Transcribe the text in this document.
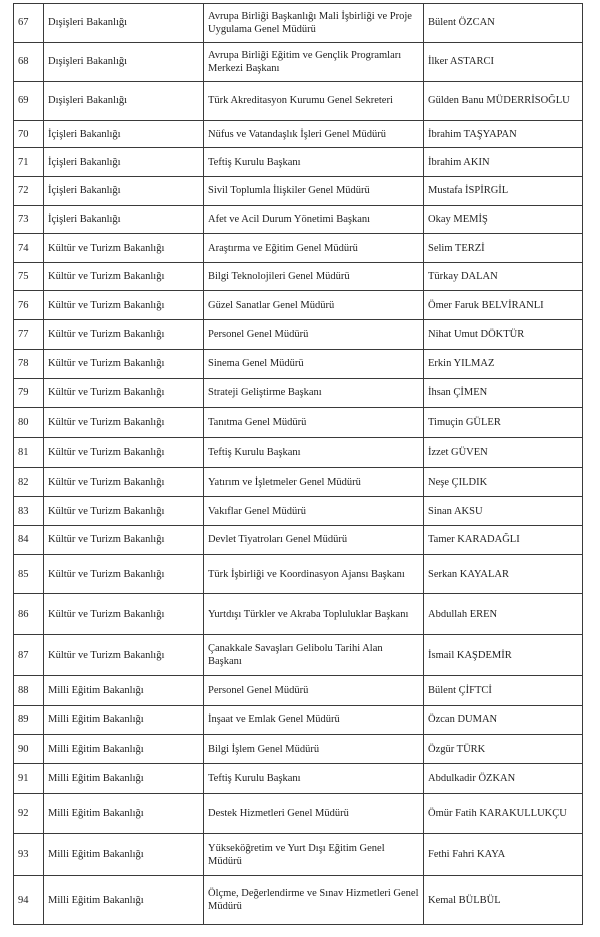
67	Dışişleri Bakanlığı	Avrupa Birliği Başkanlığı Mali İşbirliği ve Proje Uygulama Genel Müdürü	Bülent ÖZCAN
68	Dışişleri Bakanlığı	Avrupa Birliği Eğitim ve Gençlik Programları Merkezi Başkanı	İlker ASTARCI
69	Dışişleri Bakanlığı	Türk Akreditasyon Kurumu Genel Sekreteri	Gülden Banu MÜDERRİSOĞLU
70	İçişleri Bakanlığı	Nüfus ve Vatandaşlık İşleri Genel Müdürü	İbrahim TAŞYAPAN
71	İçişleri Bakanlığı	Teftiş Kurulu Başkanı	İbrahim AKIN
72	İçişleri Bakanlığı	Sivil Toplumla İlişkiler Genel Müdürü	Mustafa İSPİRGİL
73	İçişleri Bakanlığı	Afet ve Acil Durum Yönetimi Başkanı	Okay MEMİŞ
74	Kültür ve Turizm Bakanlığı	Araştırma ve Eğitim Genel Müdürü	Selim TERZİ
75	Kültür ve Turizm Bakanlığı	Bilgi Teknolojileri Genel Müdürü	Türkay DALAN
76	Kültür ve Turizm Bakanlığı	Güzel Sanatlar Genel Müdürü	Ömer Faruk BELVİRANLI
77	Kültür ve Turizm Bakanlığı	Personel Genel Müdürü	Nihat Umut DÖKTÜR
78	Kültür ve Turizm Bakanlığı	Sinema Genel Müdürü	Erkin YILMAZ
79	Kültür ve Turizm Bakanlığı	Strateji Geliştirme Başkanı	İhsan ÇİMEN
80	Kültür ve Turizm Bakanlığı	Tanıtma Genel Müdürü	Timuçin GÜLER
81	Kültür ve Turizm Bakanlığı	Teftiş Kurulu Başkanı	İzzet GÜVEN
82	Kültür ve Turizm Bakanlığı	Yatırım ve İşletmeler Genel Müdürü	Neşe ÇILDIK
83	Kültür ve Turizm Bakanlığı	Vakıflar Genel Müdürü	Sinan AKSU
84	Kültür ve Turizm Bakanlığı	Devlet Tiyatroları Genel Müdürü	Tamer KARADAĞLI
85	Kültür ve Turizm Bakanlığı	Türk İşbirliği ve Koordinasyon Ajansı Başkanı	Serkan KAYALAR
86	Kültür ve Turizm Bakanlığı	Yurtdışı Türkler ve Akraba Topluluklar Başkanı	Abdullah EREN
87	Kültür ve Turizm Bakanlığı	Çanakkale Savaşları Gelibolu Tarihi Alan Başkanı	İsmail KAŞDEMİR
88	Milli Eğitim Bakanlığı	Personel Genel Müdürü	Bülent ÇİFTCİ
89	Milli Eğitim Bakanlığı	İnşaat ve Emlak Genel Müdürü	Özcan DUMAN
90	Milli Eğitim Bakanlığı	Bilgi İşlem Genel Müdürü	Özgür TÜRK
91	Milli Eğitim Bakanlığı	Teftiş Kurulu Başkanı	Abdulkadir ÖZKAN
92	Milli Eğitim Bakanlığı	Destek Hizmetleri Genel Müdürü	Ömür Fatih KARAKULLUKÇU
93	Milli Eğitim Bakanlığı	Yükseköğretim ve Yurt Dışı Eğitim Genel Müdürü	Fethi Fahri KAYA
94	Milli Eğitim Bakanlığı	Ölçme, Değerlendirme ve Sınav Hizmetleri Genel Müdürü	Kemal BÜLBÜL
